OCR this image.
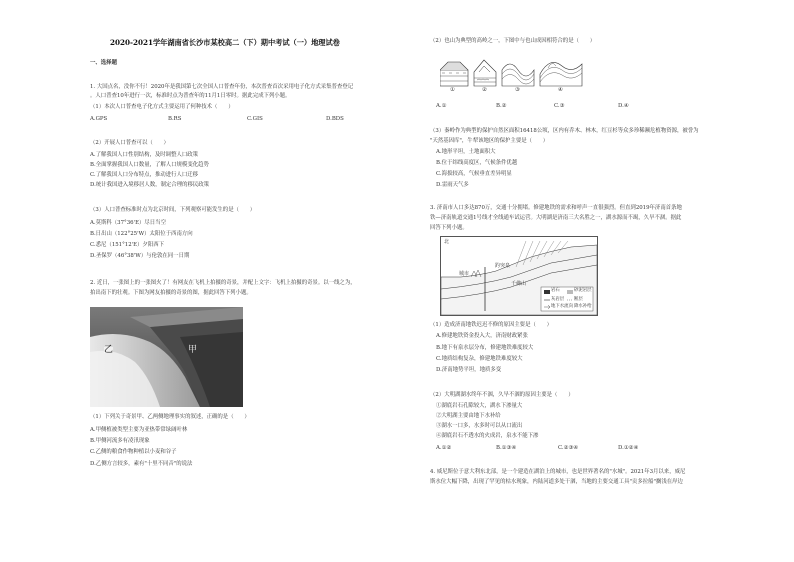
2020-2021学年湖南省长沙市某校高二（下）期中考试（一）地理试卷
一、选择题
1. 大国点名，没你不行！2020年是我国第七次全国人口普查年份，本次普查首次采用电子化方式采集普查登记
。人口普查10年进行一次，标准时点为普查年的11月1日零时。据此完成下列小题。
（1）本次人口普查电子化方式主要运用了何种技术（　　）
A.GPS	B.RS	C.GIS	D.BDS
（2）开展人口普查可以（　　）
A.了解我国人口性别结构，及时调整人口政策
B.全面掌握我国人口数量，了解人口规模变化趋势
C.了解我国人口分布特点，推动进行人口迁移
D.统计我国进入境移居人数，制定合理的移民政策
（3）人口普查标准时点为北京时间，下列观察可能发生的是（　　）
A.莫斯科（37°36'E）尽日当空
B.日出山（122°25'W）太阳位于西南方向
C.悉尼（151°12'E）夕阳西下
D.圣保罗（46°38'W）与伦敦在同一日期
2. 近日，一张图上的一张图火了！有网友在飞机上拍摄的奇景，并配上文字：飞机上拍摄的奇景。以一线之为，
拍出南下的壮观。下图为网友拍摄的奇景的图，据此回答下列小题。
乙	甲
（1）下列关于奇景甲、乙两侧地理事实的叙述，正确的是（　　）
A.甲侧植被类型主要为亚热带常绿阔叶林
B.甲侧河流多有凌汛现象
C.乙侧的粮食作物种植以小麦和谷子
D.乙侧方言较多，素有"十里不同音"的说法
（2）也山为典型的高岭之一，下图中与也山成因相符合的是（　　）
①	②	③	④
A.①	B.②	C.③	D.④
（3）秦岭作为典型的保护自然区面积16418公顷，区内有乔木、林木，红豆杉等众多珍稀濒危植物资源，被誉为
"天然基因库"，牛犁该地区的保护主要是（　　）
A.地形平坦，土地面积大
B.位于纬线高度区，气候条件优越
C.海拔较高，气候垂直差异明显
D.雷雨天气多
3. 济南市人口多达870万，交通十分拥堵。修建地铁的需求和呼声一直很强烈。但直到2019年济南首条地
铁—济南轨道交通1号线才全线通车试运营。大明湖是济南三大名胜之一，湖水源而不竭，久旱不涸。据此
回答下列小题。
北
城市
趵突泉
千佛山
岩石	砂泥岩层
灰岩层 断层
地下水流向 降水补给
（1）造成济南地铁迟迟不修的原因主要是（　　）
A.修建地铁资金投入大，济南财政紧张
B.地下有泉水层分布，修建地铁难度较大
C.地质结构复杂，修建地铁难度较大
D.济南地势平坦，地质多变
（2）大明湖湖水终年不涸，久旱不涸的原因主要是（　　）
①湖底岩石孔隙较大，湖水下渗量大
②大明湖主要由地下水补给
③湖水一口多，水多时可以从口流出
④湖底岩石不透水的火成岩，泉水不能下渗
A.①②	B.①③④	C.②③④	D.①②④
4. 威尼斯位于意大利东北部，是一个建造在湖泊上的城市，也是世界著名的"水城"。2021年3月以来，威尼
斯水位大幅下降，出现了罕见的枯水现象，内陆河道多处干涸，当地的主要交通工具"贡多拉船"搁浅在岸边
